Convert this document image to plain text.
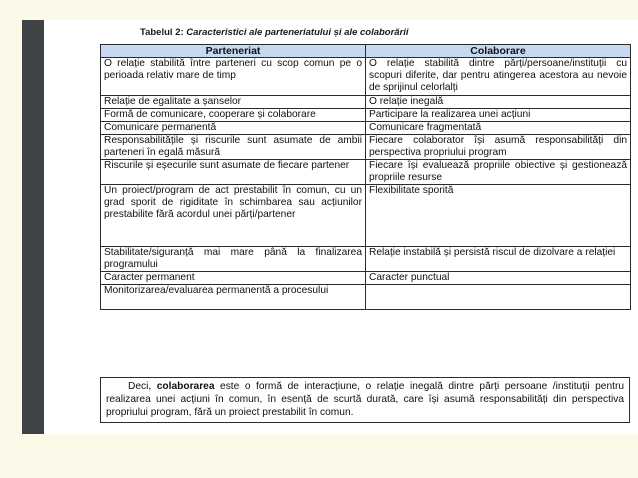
Tabelul 2: Caracteristici ale parteneriatului și ale colaborării
Parteneriat	Colaborare
O relație stabilită între parteneri cu scop comun pe o perioada relativ mare de timp	O relație stabilită dintre părți/persoane/instituții cu scopuri diferite, dar pentru atingerea acestora au nevoie de sprijinul celorlalți
Relație de egalitate a șanselor	O relație inegală
Formă de comunicare, cooperare și colaborare	Participare la realizarea unei acțiuni
Comunicare permanentă	Comunicare fragmentată
Responsabilitățile și riscurile sunt asumate de ambii parteneri în egală măsură	Fiecare colaborator își asumă responsabilități din perspectiva propriului program
Riscurile și eșecurile sunt asumate de fiecare partener	Fiecare își evaluează propriile obiective și gestionează propriile resurse
Un proiect/program de act prestabilit în comun, cu un grad sporit de rigiditate în schimbarea sau acțiunilor prestabilite fără acordul unei părți/partener	Flexibilitate sporită
Stabilitate/siguranță mai mare până la finalizarea programului	Relație instabilă și persistă riscul de dizolvare a relației
Caracter permanent	Caracter punctual
Monitorizarea/evaluarea permanentă a procesului	
Deci, colaborarea este o formă de interacțiune, o relație inegală dintre părți persoane /instituții pentru realizarea unei acțiuni în comun, în esență de scurtă durată, care își asumă responsabilități din perspectiva propriului program, fără un proiect prestabilit în comun.
